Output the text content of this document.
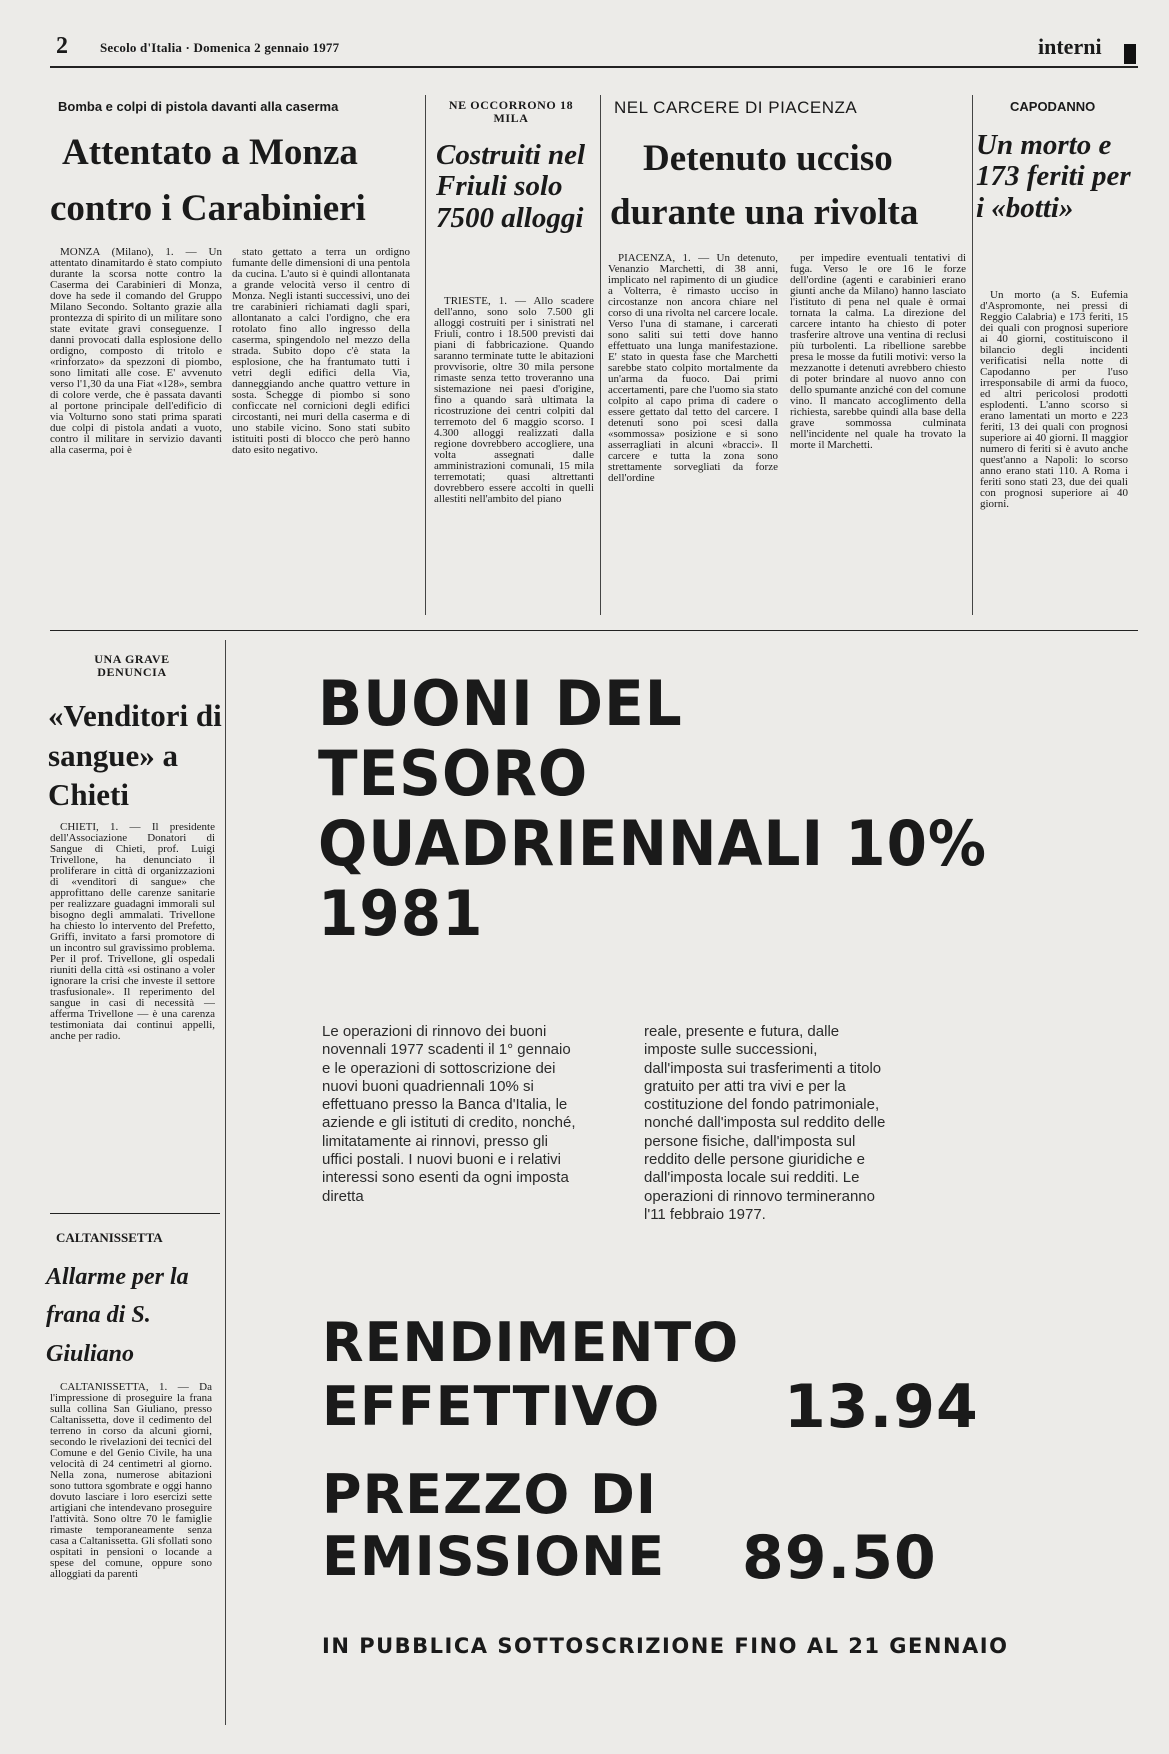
2 Secolo d'Italia · Domenica 2 gennaio 1977	interni
Bomba e colpi di pistola davanti alla caserma
Attentato a Monza
contro i Carabinieri

MONZA (Milano), 1. — Un attentato dinamitardo è stato compiuto durante la scorsa notte contro la Caserma dei Carabinieri di Monza, dove ha sede il comando del Gruppo Milano Secondo. Soltanto grazie alla prontezza di spirito di un militare sono state evitate gravi conseguenze. I danni provocati dalla esplosione dello ordigno, composto di tritolo e «rinforzato» da spezzoni di piombo, sono limitati alle cose. E' avvenuto verso l'1,30 da una Fiat «128», sembra di colore verde, che è passata davanti al portone principale dell'edificio di via Volturno sono stati prima sparati due colpi di pistola andati a vuoto, contro il militare in servizio davanti alla caserma, poi è

stato gettato a terra un ordigno fumante delle dimensioni di una pentola da cucina. L'auto si è quindi allontanata a grande velocità verso il centro di Monza. Negli istanti successivi, uno dei tre carabinieri richiamati dagli spari, allontanato a calci l'ordigno, che era rotolato fino allo ingresso della caserma, spingendolo nel mezzo della strada. Subito dopo c'è stata la esplosione, che ha frantumato tutti i vetri degli edifici della Via, danneggiando anche quattro vetture in sosta. Schegge di piombo si sono conficcate nel cornicioni degli edifici circostanti, nei muri della caserma e di uno stabile vicino. Sono stati subito istituiti posti di blocco che però hanno dato esito negativo.

NE OCCORRONO 18 MILA
Costruiti nel Friuli solo 7500 alloggi

TRIESTE, 1. — Allo scadere dell'anno, sono solo 7.500 gli alloggi costruiti per i sinistrati nel Friuli, contro i 18.500 previsti dai piani di fabbricazione. Quando saranno terminate tutte le abitazioni provvisorie, oltre 30 mila persone rimaste senza tetto troveranno una sistemazione nei paesi d'origine, fino a quando sarà ultimata la ricostruzione dei centri colpiti dal terremoto del 6 maggio scorso. I 4.300 alloggi realizzati dalla regione dovrebbero accogliere, una volta assegnati dalle amministrazioni comunali, 15 mila terremotati; quasi altrettanti dovrebbero essere accolti in quelli allestiti nell'ambito del piano

NEL CARCERE DI PIACENZA
Detenuto ucciso
durante una rivolta

PIACENZA, 1. — Un detenuto, Venanzio Marchetti, di 38 anni, implicato nel rapimento di un giudice a Volterra, è rimasto ucciso in circostanze non ancora chiare nel corso di una rivolta nel carcere locale. Verso l'una di stamane, i carcerati sono saliti sui tetti dove hanno effettuato una lunga manifestazione. E' stato in questa fase che Marchetti sarebbe stato colpito mortalmente da un'arma da fuoco. Dai primi accertamenti, pare che l'uomo sia stato colpito al capo prima di cadere o essere gettato dal tetto del carcere. I detenuti sono poi scesi dalla «sommossa» posizione e si sono asserragliati in alcuni «bracci». Il carcere e tutta la zona sono strettamente sorvegliati da forze dell'ordine

per impedire eventuali tentativi di fuga. Verso le ore 16 le forze dell'ordine (agenti e carabinieri erano giunti anche da Milano) hanno lasciato l'istituto di pena nel quale è ormai tornata la calma. La direzione del carcere intanto ha chiesto di poter trasferire altrove una ventina di reclusi più turbolenti. La ribellione sarebbe presa le mosse da futili motivi: verso la mezzanotte i detenuti avrebbero chiesto di poter brindare al nuovo anno con dello spumante anziché con del comune vino. Il mancato accoglimento della richiesta, sarebbe quindi alla base della grave sommossa culminata nell'incidente nel quale ha trovato la morte il Marchetti.

CAPODANNO
Un morto e 173 feriti per i «botti»

Un morto (a S. Eufemia d'Aspromonte, nei pressi di Reggio Calabria) e 173 feriti, 15 dei quali con prognosi superiore ai 40 giorni, costituiscono il bilancio degli incidenti verificatisi nella notte di Capodanno per l'uso irresponsabile di armi da fuoco, ed altri pericolosi prodotti esplodenti. L'anno scorso si erano lamentati un morto e 223 feriti, 13 dei quali con prognosi superiore ai 40 giorni. Il maggior numero di feriti si è avuto anche quest'anno a Napoli: lo scorso anno erano stati 110. A Roma i feriti sono stati 23, due dei quali con prognosi superiore ai 40 giorni.

UNA GRAVE DENUNCIA
«Venditori di sangue» a Chieti

CHIETI, 1. — Il presidente dell'Associazione Donatori di Sangue di Chieti, prof. Luigi Trivellone, ha denunciato il proliferare in città di organizzazioni di «venditori di sangue» che approfittano delle carenze sanitarie per realizzare guadagni immorali sul bisogno degli ammalati. Trivellone ha chiesto lo intervento del Prefetto, Griffi, invitato a farsi promotore di un incontro sul gravissimo problema. Per il prof. Trivellone, gli ospedali riuniti della città «si ostinano a voler ignorare la crisi che investe il settore trasfusionale». Il reperimento del sangue in casi di necessità — afferma Trivellone — è una carenza testimoniata dai continui appelli, anche per radio.

CALTANISSETTA
Allarme per la frana di S. Giuliano

CALTANISSETTA, 1. — Da l'impressione di proseguire la frana sulla collina San Giuliano, presso Caltanissetta, dove il cedimento del terreno in corso da alcuni giorni, secondo le rivelazioni dei tecnici del Comune e del Genio Civile, ha una velocità di 24 centimetri al giorno. Nella zona, numerose abitazioni sono tuttora sgombrate e oggi hanno dovuto lasciare i loro esercizi sette artigiani che intendevano proseguire l'attività. Sono oltre 70 le famiglie rimaste temporaneamente senza casa a Caltanissetta. Gli sfollati sono ospitati in pensioni o locande a spese del comune, oppure sono alloggiati da parenti

BUONI DEL
TESORO
QUADRIENNALI 10%
1981
Le operazioni di rinnovo dei buoni novennali 1977 scadenti il 1° gennaio e le operazioni di sottoscrizione dei nuovi buoni quadriennali 10% si effettuano presso la Banca d'Italia, le aziende e gli istituti di credito, nonché, limitatamente ai rinnovi, presso gli uffici postali. I nuovi buoni e i relativi interessi sono esenti da ogni imposta diretta
reale, presente e futura, dalle imposte sulle successioni, dall'imposta sui trasferimenti a titolo gratuito per atti tra vivi e per la costituzione del fondo patrimoniale, nonché dall'imposta sul reddito delle persone fisiche, dall'imposta sul reddito delle persone giuridiche e dall'imposta locale sui redditi. Le operazioni di rinnovo termineranno l'11 febbraio 1977.
RENDIMENTO
EFFETTIVO 13.94
PREZZO DI
EMISSIONE 89.50
IN PUBBLICA SOTTOSCRIZIONE FINO AL 21 GENNAIO
